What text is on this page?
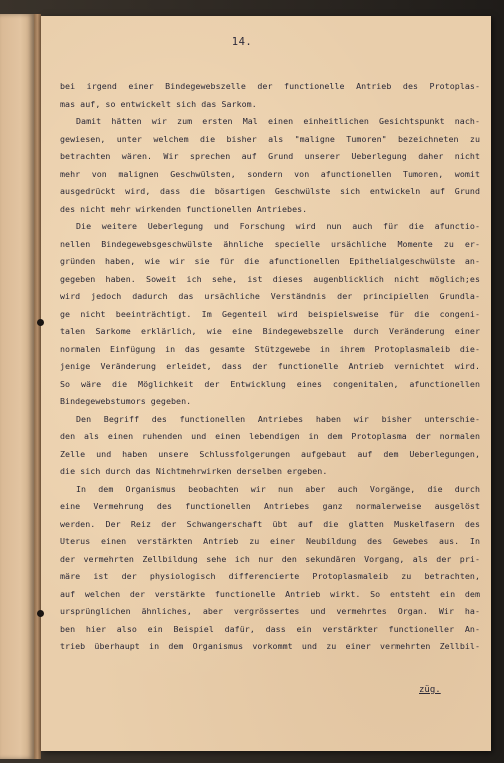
14.
bei irgend einer Bindegewebszelle der functionelle Antrieb des Protoplas-
mas auf, so entwickelt sich das Sarkom.
Damit hätten wir zum ersten Mal einen einheitlichen Gesichtspunkt nach-
gewiesen, unter welchem die bisher als "maligne Tumoren" bezeichneten zu
betrachten wären. Wir sprechen auf Grund unserer Ueberlegung daher nicht
mehr von malignen Geschwülsten, sondern von afunctionellen Tumoren, womit
ausgedrückt wird, dass die bösartigen Geschwülste sich entwickeln auf Grund
des nicht mehr wirkenden functionellen Antriebes.
Die weitere Ueberlegung und Forschung wird nun auch für die afunctio-
nellen Bindegewebsgeschwülste ähnliche specielle ursächliche Momente zu er-
gründen haben, wie wir sie für die afunctionellen Epithelialgeschwülste an-
gegeben haben. Soweit ich sehe, ist dieses augenblicklich nicht möglich;es
wird jedoch dadurch das ursächliche Verständnis der principiellen Grundla-
ge nicht beeinträchtigt. Im Gegenteil wird beispielsweise für die congeni-
talen Sarkome erklärlich, wie eine Bindegewebszelle durch Veränderung einer
normalen Einfügung in das gesamte Stützgewebe in ihrem Protoplasmaleib die-
jenige Veränderung erleidet, dass der functionelle Antrieb vernichtet wird.
So wäre die Möglichkeit der Entwicklung eines congenitalen, afunctionellen
Bindegewebstumors gegeben.
Den Begriff des functionellen Antriebes haben wir bisher unterschie-
den als einen ruhenden und einen lebendigen in dem Protoplasma der normalen
Zelle und haben unsere Schlussfolgerungen aufgebaut auf dem Ueberlegungen,
die sich durch das Nichtmehrwirken derselben ergeben.
In dem Organismus beobachten wir nun aber auch Vorgänge, die durch
eine Vermehrung des functionellen Antriebes ganz normalerweise ausgelöst
werden. Der Reiz der Schwangerschaft übt auf die glatten Muskelfasern des
Uterus einen verstärkten Antrieb zu einer Neubildung des Gewebes aus. In
der vermehrten Zellbildung sehe ich nur den sekundären Vorgang, als der pri-
märe ist der physiologisch differencierte Protoplasmaleib zu betrachten,
auf welchen der verstärkte functionelle Antrieb wirkt. So entsteht ein dem
ursprünglichen ähnliches, aber vergrössertes und vermehrtes Organ. Wir ha-
ben hier also ein Beispiel dafür, dass ein verstärkter functioneller An-
trieb überhaupt in dem Organismus vorkommt und zu einer vermehrten Zellbil-
züg.
